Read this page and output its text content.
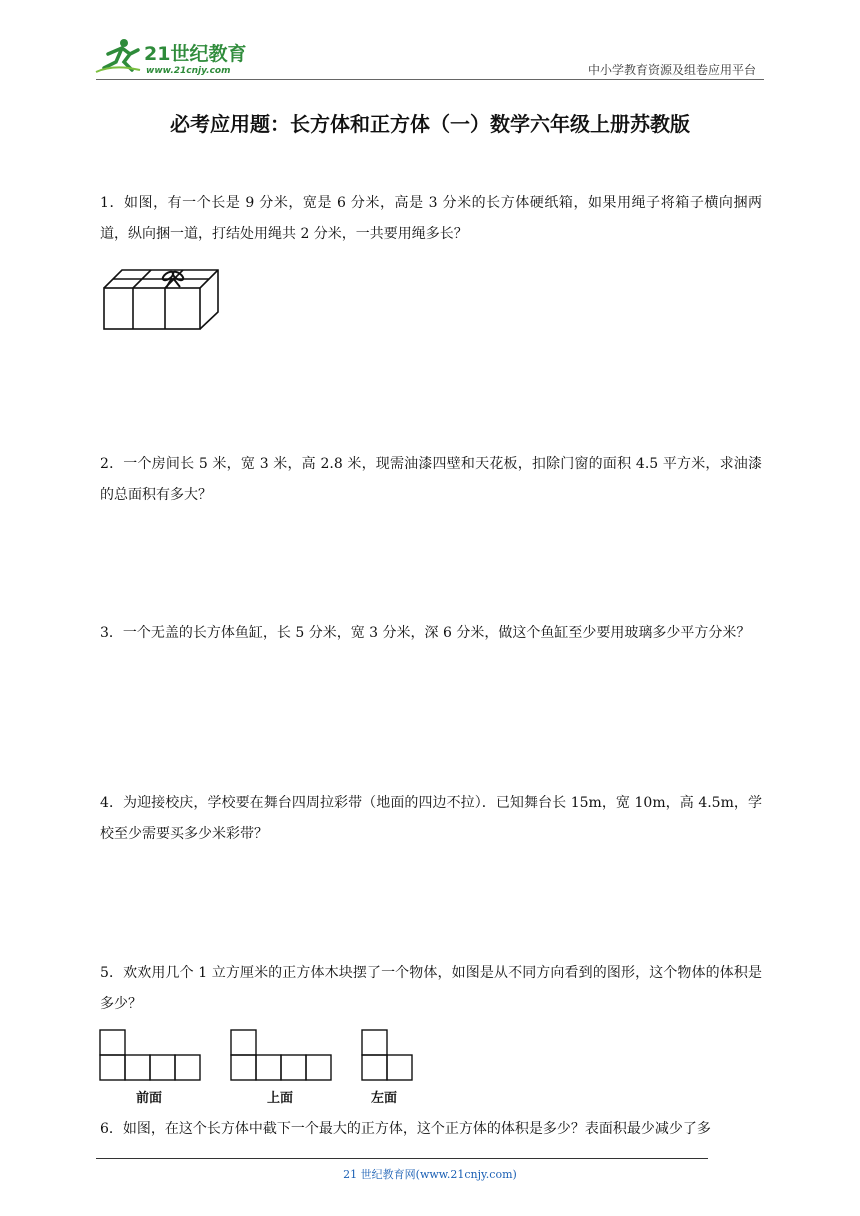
21世纪教育
www.21cnjy.com	中小学教育资源及组卷应用平台
必考应用题：长方体和正方体（一）数学六年级上册苏教版
1．如图，有一个长是 9 分米，宽是 6 分米，高是 3 分米的长方体硬纸箱，如果用绳子将箱子横向捆两道，纵向捆一道，打结处用绳共 2 分米，一共要用绳多长？
2．一个房间长 5 米，宽 3 米，高 2.8 米，现需油漆四壁和天花板，扣除门窗的面积 4.5 平方米，求油漆的总面积有多大？
3．一个无盖的长方体鱼缸，长 5 分米，宽 3 分米，深 6 分米，做这个鱼缸至少要用玻璃多少平方分米？
4．为迎接校庆，学校要在舞台四周拉彩带（地面的四边不拉）．已知舞台长 15m，宽 10m，高 4.5m，学校至少需要买多少米彩带？
5．欢欢用几个 1 立方厘米的正方体木块摆了一个物体，如图是从不同方向看到的图形，这个物体的体积是多少？
前面	上面	左面
6．如图，在这个长方体中截下一个最大的正方体，这个正方体的体积是多少？表面积最少减少了多
21 世纪教育网(www.21cnjy.com)
